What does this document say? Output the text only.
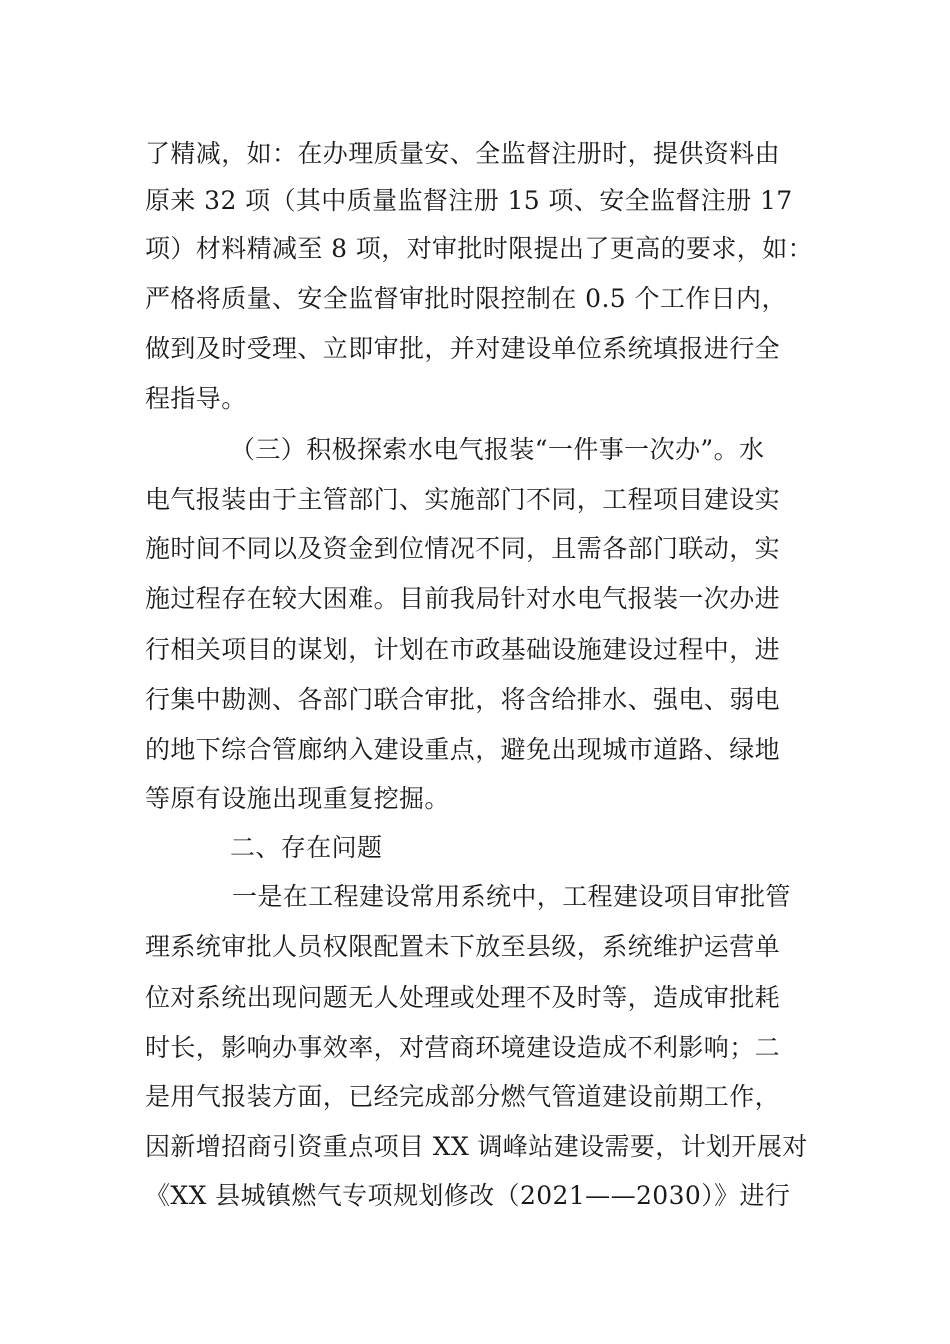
了精减，如：在办理质量安、全监督注册时，提供资料由
原来 32 项（其中质量监督注册 15 项、安全监督注册 17
项）材料精减至 8 项，对审批时限提出了更高的要求，如：
严格将质量、安全监督审批时限控制在 0.5 个工作日内，
做到及时受理、立即审批，并对建设单位系统填报进行全
程指导。
（三）积极探索水电气报装“一件事一次办”。水
电气报装由于主管部门、实施部门不同，工程项目建设实
施时间不同以及资金到位情况不同，且需各部门联动，实
施过程存在较大困难。目前我局针对水电气报装一次办进
行相关项目的谋划，计划在市政基础设施建设过程中，进
行集中勘测、各部门联合审批，将含给排水、强电、弱电
的地下综合管廊纳入建设重点，避免出现城市道路、绿地
等原有设施出现重复挖掘。
二、存在问题
一是在工程建设常用系统中，工程建设项目审批管
理系统审批人员权限配置未下放至县级，系统维护运营单
位对系统出现问题无人处理或处理不及时等，造成审批耗
时长，影响办事效率，对营商环境建设造成不利影响；二
是用气报装方面，已经完成部分燃气管道建设前期工作，
因新增招商引资重点项目 XX 调峰站建设需要，计划开展对
《XX 县城镇燃气专项规划修改（2021——2030）》进行
